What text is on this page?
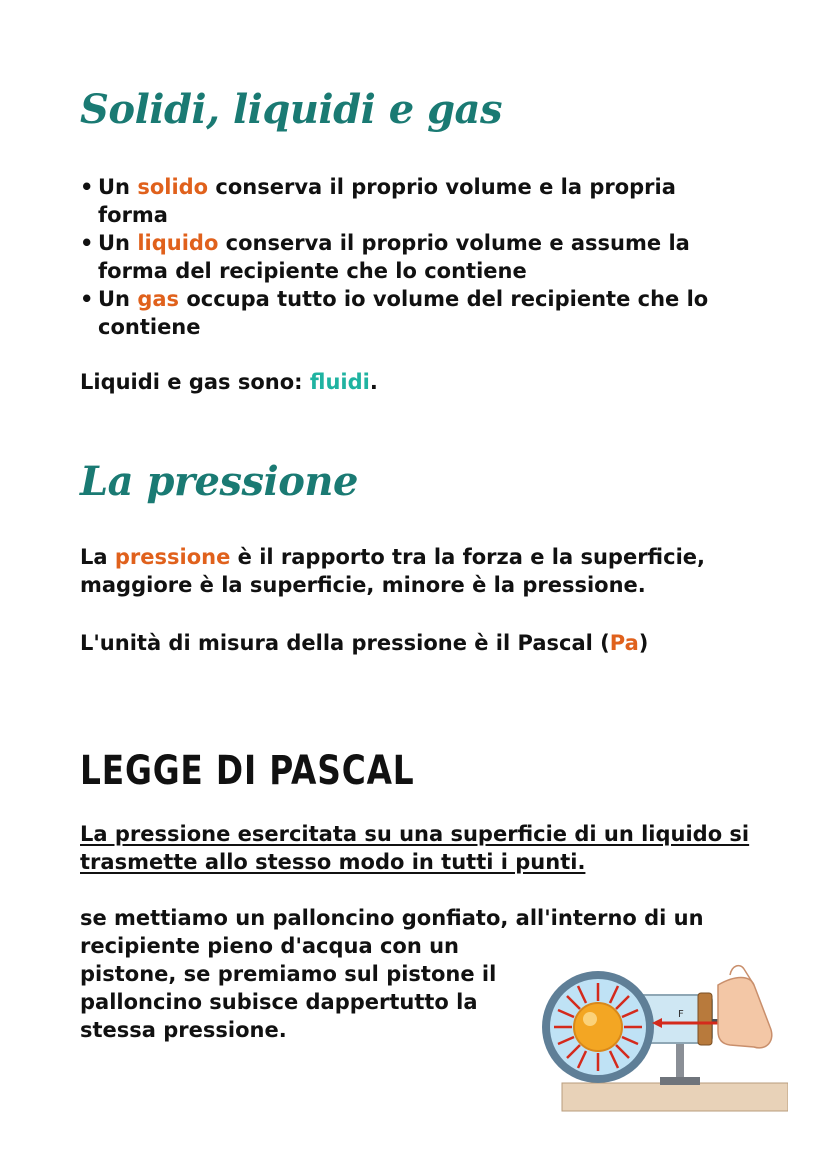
Solidi, liquidi e gas
• Un solido conserva il proprio volume e la propria forma
• Un liquido conserva il proprio volume e assume la forma del recipiente che lo contiene
• Un gas occupa tutto io volume del recipiente che lo contiene
Liquidi e gas sono: fluidi.
La pressione
La pressione è il rapporto tra la forza e la superficie, maggiore è la superficie, minore è la pressione.
L'unità di misura della pressione è il Pascal (Pa)
LEGGE DI PASCAL
La pressione esercitata su una superficie di un liquido si trasmette allo stesso modo in tutti i punti.
se mettiamo un palloncino gonfiato, all'interno di un
recipiente pieno d'acqua con un pistone, se premiamo sul pistone il palloncino subisce dappertutto la stessa pressione.
F
